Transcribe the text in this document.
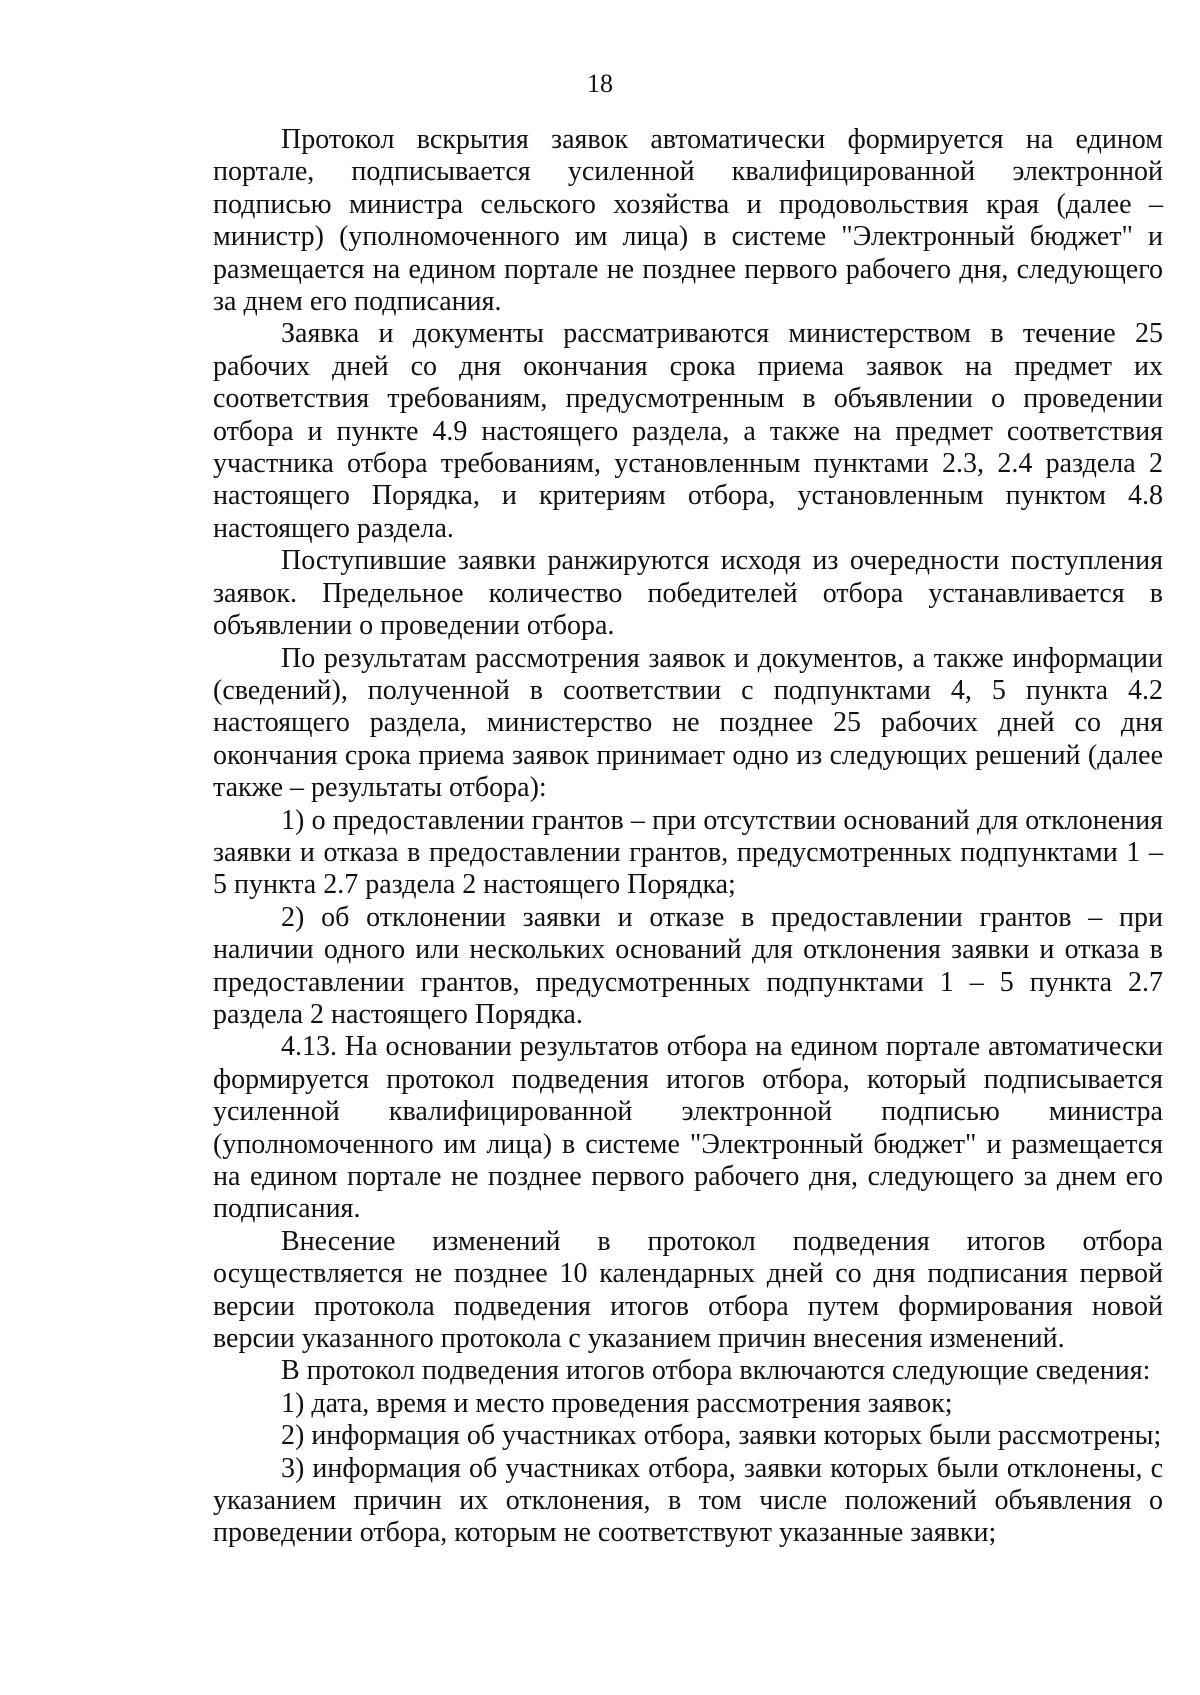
18

Протокол вскрытия заявок автоматически формируется на едином портале, подписывается усиленной квалифицированной электронной подписью министра сельского хозяйства и продовольствия края (далее – министр) (уполномоченного им лица) в системе "Электронный бюджет" и размещается на едином портале не позднее первого рабочего дня, следующего за днем его подписания.

Заявка и документы рассматриваются министерством в течение 25 рабочих дней со дня окончания срока приема заявок на предмет их соответствия требованиям, предусмотренным в объявлении о проведении отбора и пункте 4.9 настоящего раздела, а также на предмет соответствия участника отбора требованиям, установленным пунктами 2.3, 2.4 раздела 2 настоящего Порядка, и критериям отбора, установленным пунктом 4.8 настоящего раздела.

Поступившие заявки ранжируются исходя из очередности поступления заявок. Предельное количество победителей отбора устанавливается в объявлении о проведении отбора.

По результатам рассмотрения заявок и документов, а также информации (сведений), полученной в соответствии с подпунктами 4, 5 пункта 4.2 настоящего раздела, министерство не позднее 25 рабочих дней со дня окончания срока приема заявок принимает одно из следующих решений (далее также – результаты отбора):

1) о предоставлении грантов – при отсутствии оснований для отклонения заявки и отказа в предоставлении грантов, предусмотренных подпунктами 1 – 5 пункта 2.7 раздела 2 настоящего Порядка;

2) об отклонении заявки и отказе в предоставлении грантов – при наличии одного или нескольких оснований для отклонения заявки и отказа в предоставлении грантов, предусмотренных подпунктами 1 – 5 пункта 2.7 раздела 2 настоящего Порядка.

4.13. На основании результатов отбора на едином портале автоматически формируется протокол подведения итогов отбора, который подписывается усиленной квалифицированной электронной подписью министра (уполномоченного им лица) в системе "Электронный бюджет" и размещается на едином портале не позднее первого рабочего дня, следующего за днем его подписания.

Внесение изменений в протокол подведения итогов отбора осуществляется не позднее 10 календарных дней со дня подписания первой версии протокола подведения итогов отбора путем формирования новой версии указанного протокола с указанием причин внесения изменений.

В протокол подведения итогов отбора включаются следующие сведения:

1) дата, время и место проведения рассмотрения заявок;

2) информация об участниках отбора, заявки которых были рассмотрены;

3) информация об участниках отбора, заявки которых были отклонены, с указанием причин их отклонения, в том числе положений объявления о проведении отбора, которым не соответствуют указанные заявки;
